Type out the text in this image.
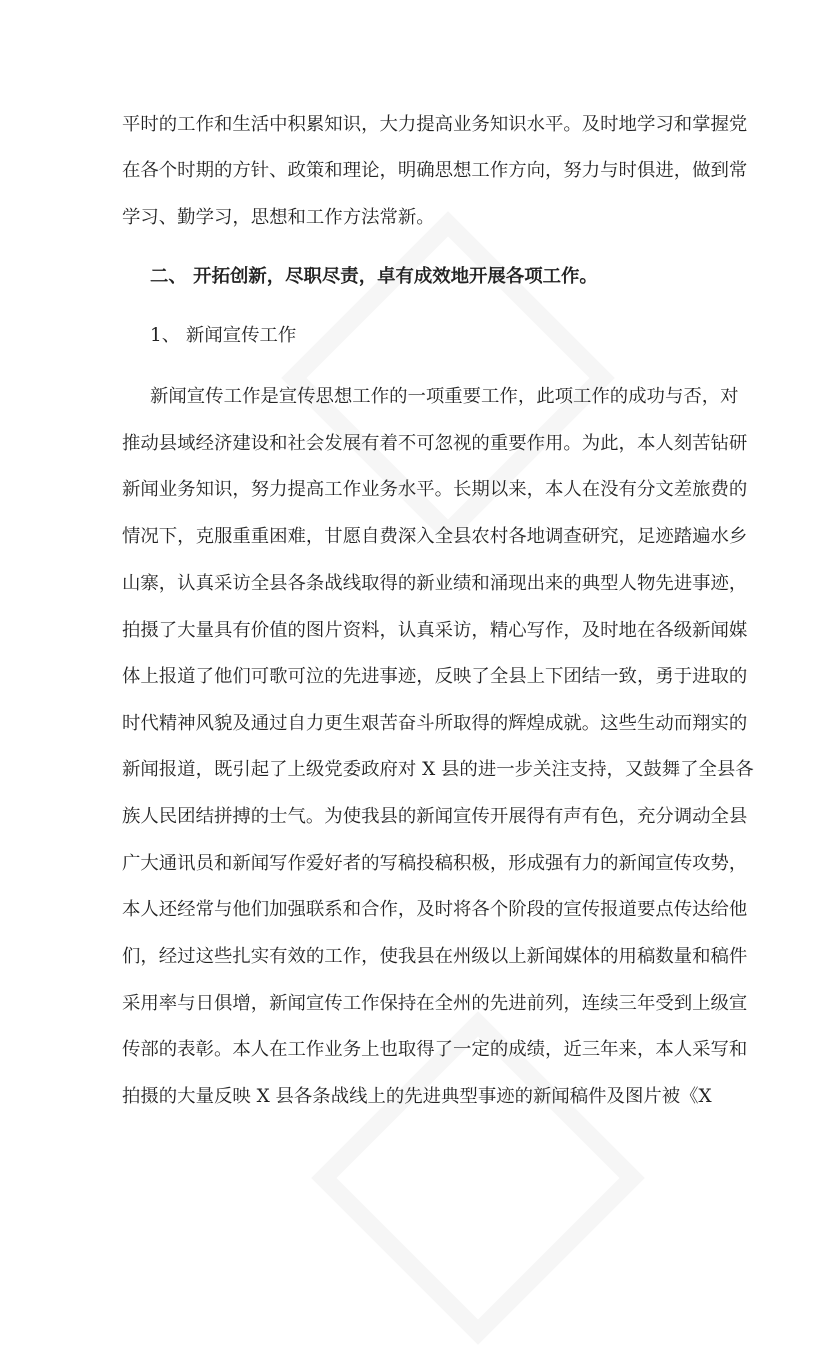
平时的工作和生活中积累知识，大力提高业务知识水平。及时地学习和掌握党
在各个时期的方针、政策和理论，明确思想工作方向，努力与时俱进，做到常
学习、勤学习，思想和工作方法常新。
二、 开拓创新，尽职尽责，卓有成效地开展各项工作。
1、 新闻宣传工作
新闻宣传工作是宣传思想工作的一项重要工作，此项工作的成功与否，对
推动县域经济建设和社会发展有着不可忽视的重要作用。为此，本人刻苦钻研
新闻业务知识，努力提高工作业务水平。长期以来，本人在没有分文差旅费的
情况下，克服重重困难，甘愿自费深入全县农村各地调查研究，足迹踏遍水乡
山寨，认真采访全县各条战线取得的新业绩和涌现出来的典型人物先进事迹，
拍摄了大量具有价值的图片资料，认真采访，精心写作，及时地在各级新闻媒
体上报道了他们可歌可泣的先进事迹，反映了全县上下团结一致，勇于进取的
时代精神风貌及通过自力更生艰苦奋斗所取得的辉煌成就。这些生动而翔实的
新闻报道，既引起了上级党委政府对 X 县的进一步关注支持，又鼓舞了全县各
族人民团结拼搏的士气。为使我县的新闻宣传开展得有声有色，充分调动全县
广大通讯员和新闻写作爱好者的写稿投稿积极，形成强有力的新闻宣传攻势，
本人还经常与他们加强联系和合作，及时将各个阶段的宣传报道要点传达给他
们，经过这些扎实有效的工作，使我县在州级以上新闻媒体的用稿数量和稿件
采用率与日俱增，新闻宣传工作保持在全州的先进前列，连续三年受到上级宣
传部的表彰。本人在工作业务上也取得了一定的成绩，近三年来，本人采写和
拍摄的大量反映 X 县各条战线上的先进典型事迹的新闻稿件及图片被《X
